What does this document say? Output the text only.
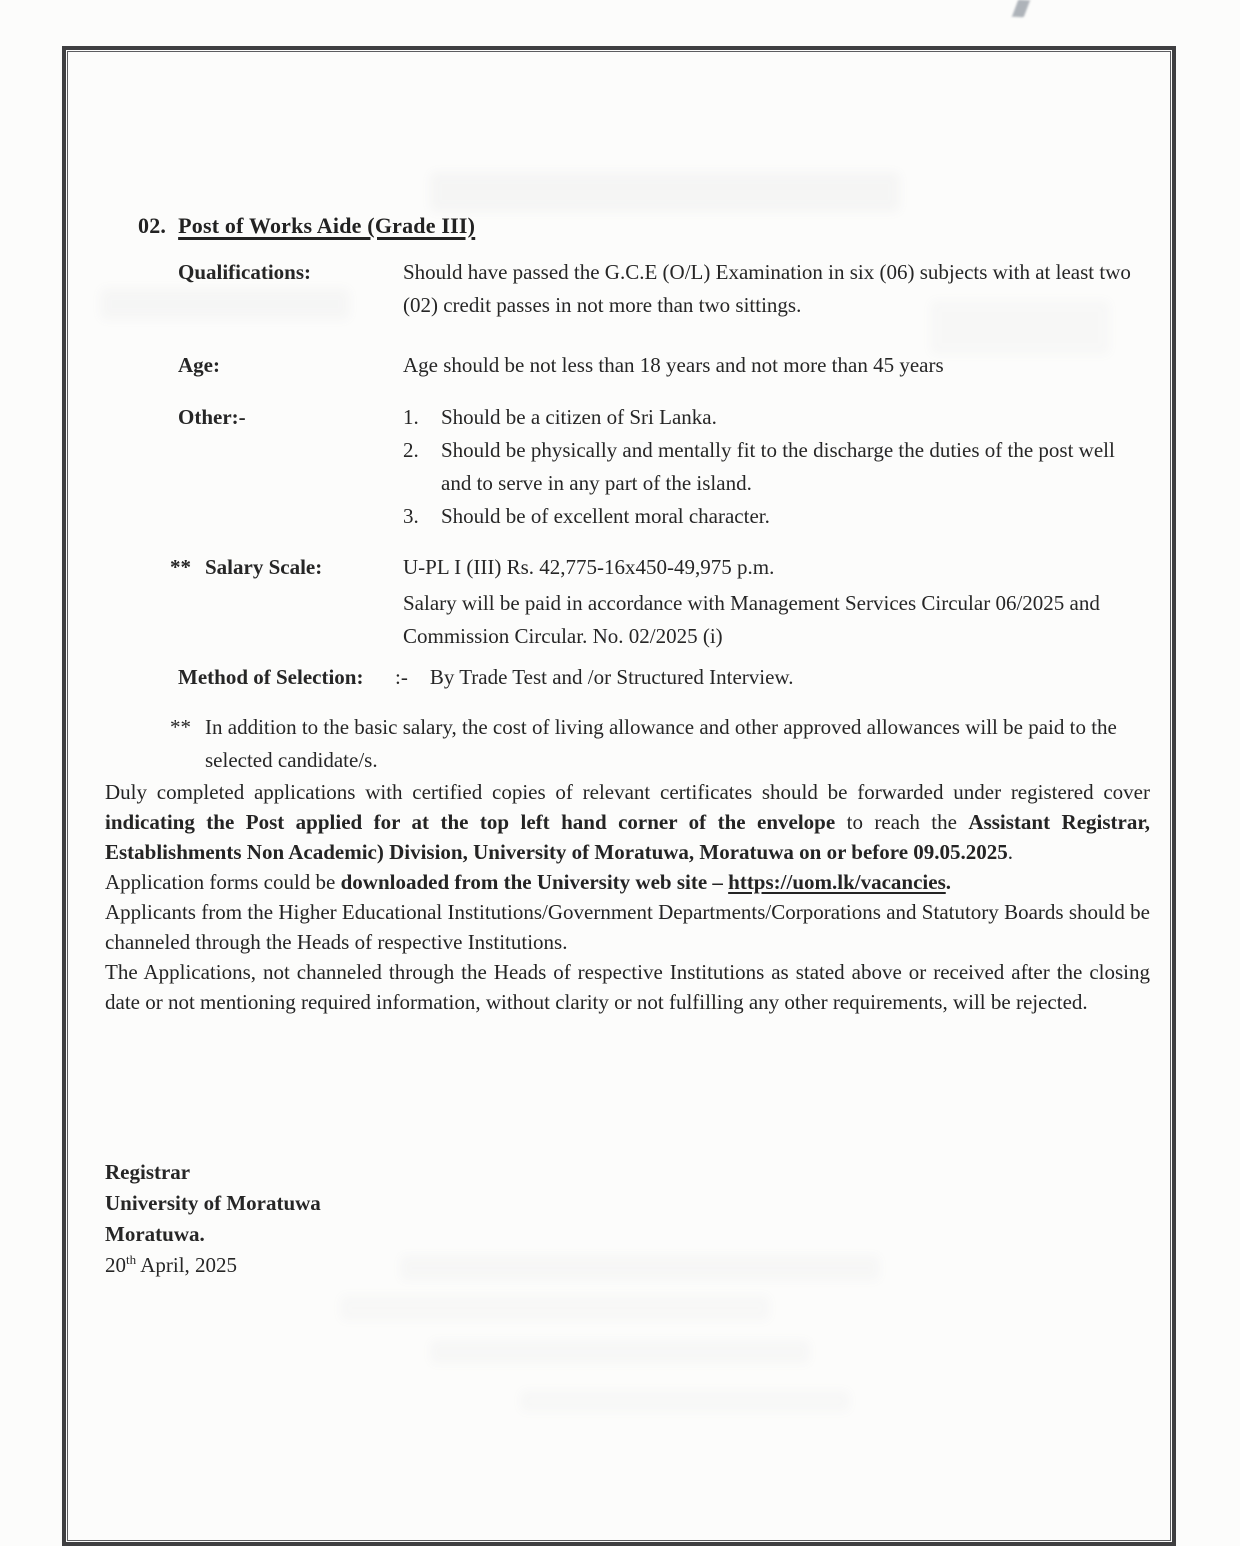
02. Post of Works Aide (Grade III)
Qualifications:	Should have passed the G.C.E (O/L) Examination in six (06) subjects with at least two (02) credit passes in not more than two sittings.
Age:	Age should be not less than 18 years and not more than 45 years
Other:-	1.	Should be a citizen of Sri Lanka.
2.	Should be physically and mentally fit to the discharge the duties of the post well and to serve in any part of the island.
3.	Should be of excellent moral character.
** Salary Scale:	U-PL I (III) Rs. 42,775-16x450-49,975 p.m.
Salary will be paid in accordance with Management Services Circular 06/2025 and Commission Circular. No. 02/2025 (i)
Method of Selection:	:- By Trade Test and /or Structured Interview.
** In addition to the basic salary, the cost of living allowance and other approved allowances will be paid to the selected candidate/s.

Duly completed applications with certified copies of relevant certificates should be forwarded under registered cover indicating the Post applied for at the top left hand corner of the envelope to reach the Assistant Registrar, Establishments Non Academic) Division, University of Moratuwa, Moratuwa on or before 09.05.2025.

Application forms could be downloaded from the University web site – https://uom.lk/vacancies.

Applicants from the Higher Educational Institutions/Government Departments/Corporations and Statutory Boards should be channeled through the Heads of respective Institutions.

The Applications, not channeled through the Heads of respective Institutions as stated above or received after the closing date or not mentioning required information, without clarity or not fulfilling any other requirements, will be rejected.

Registrar
University of Moratuwa
Moratuwa.
20th April, 2025
